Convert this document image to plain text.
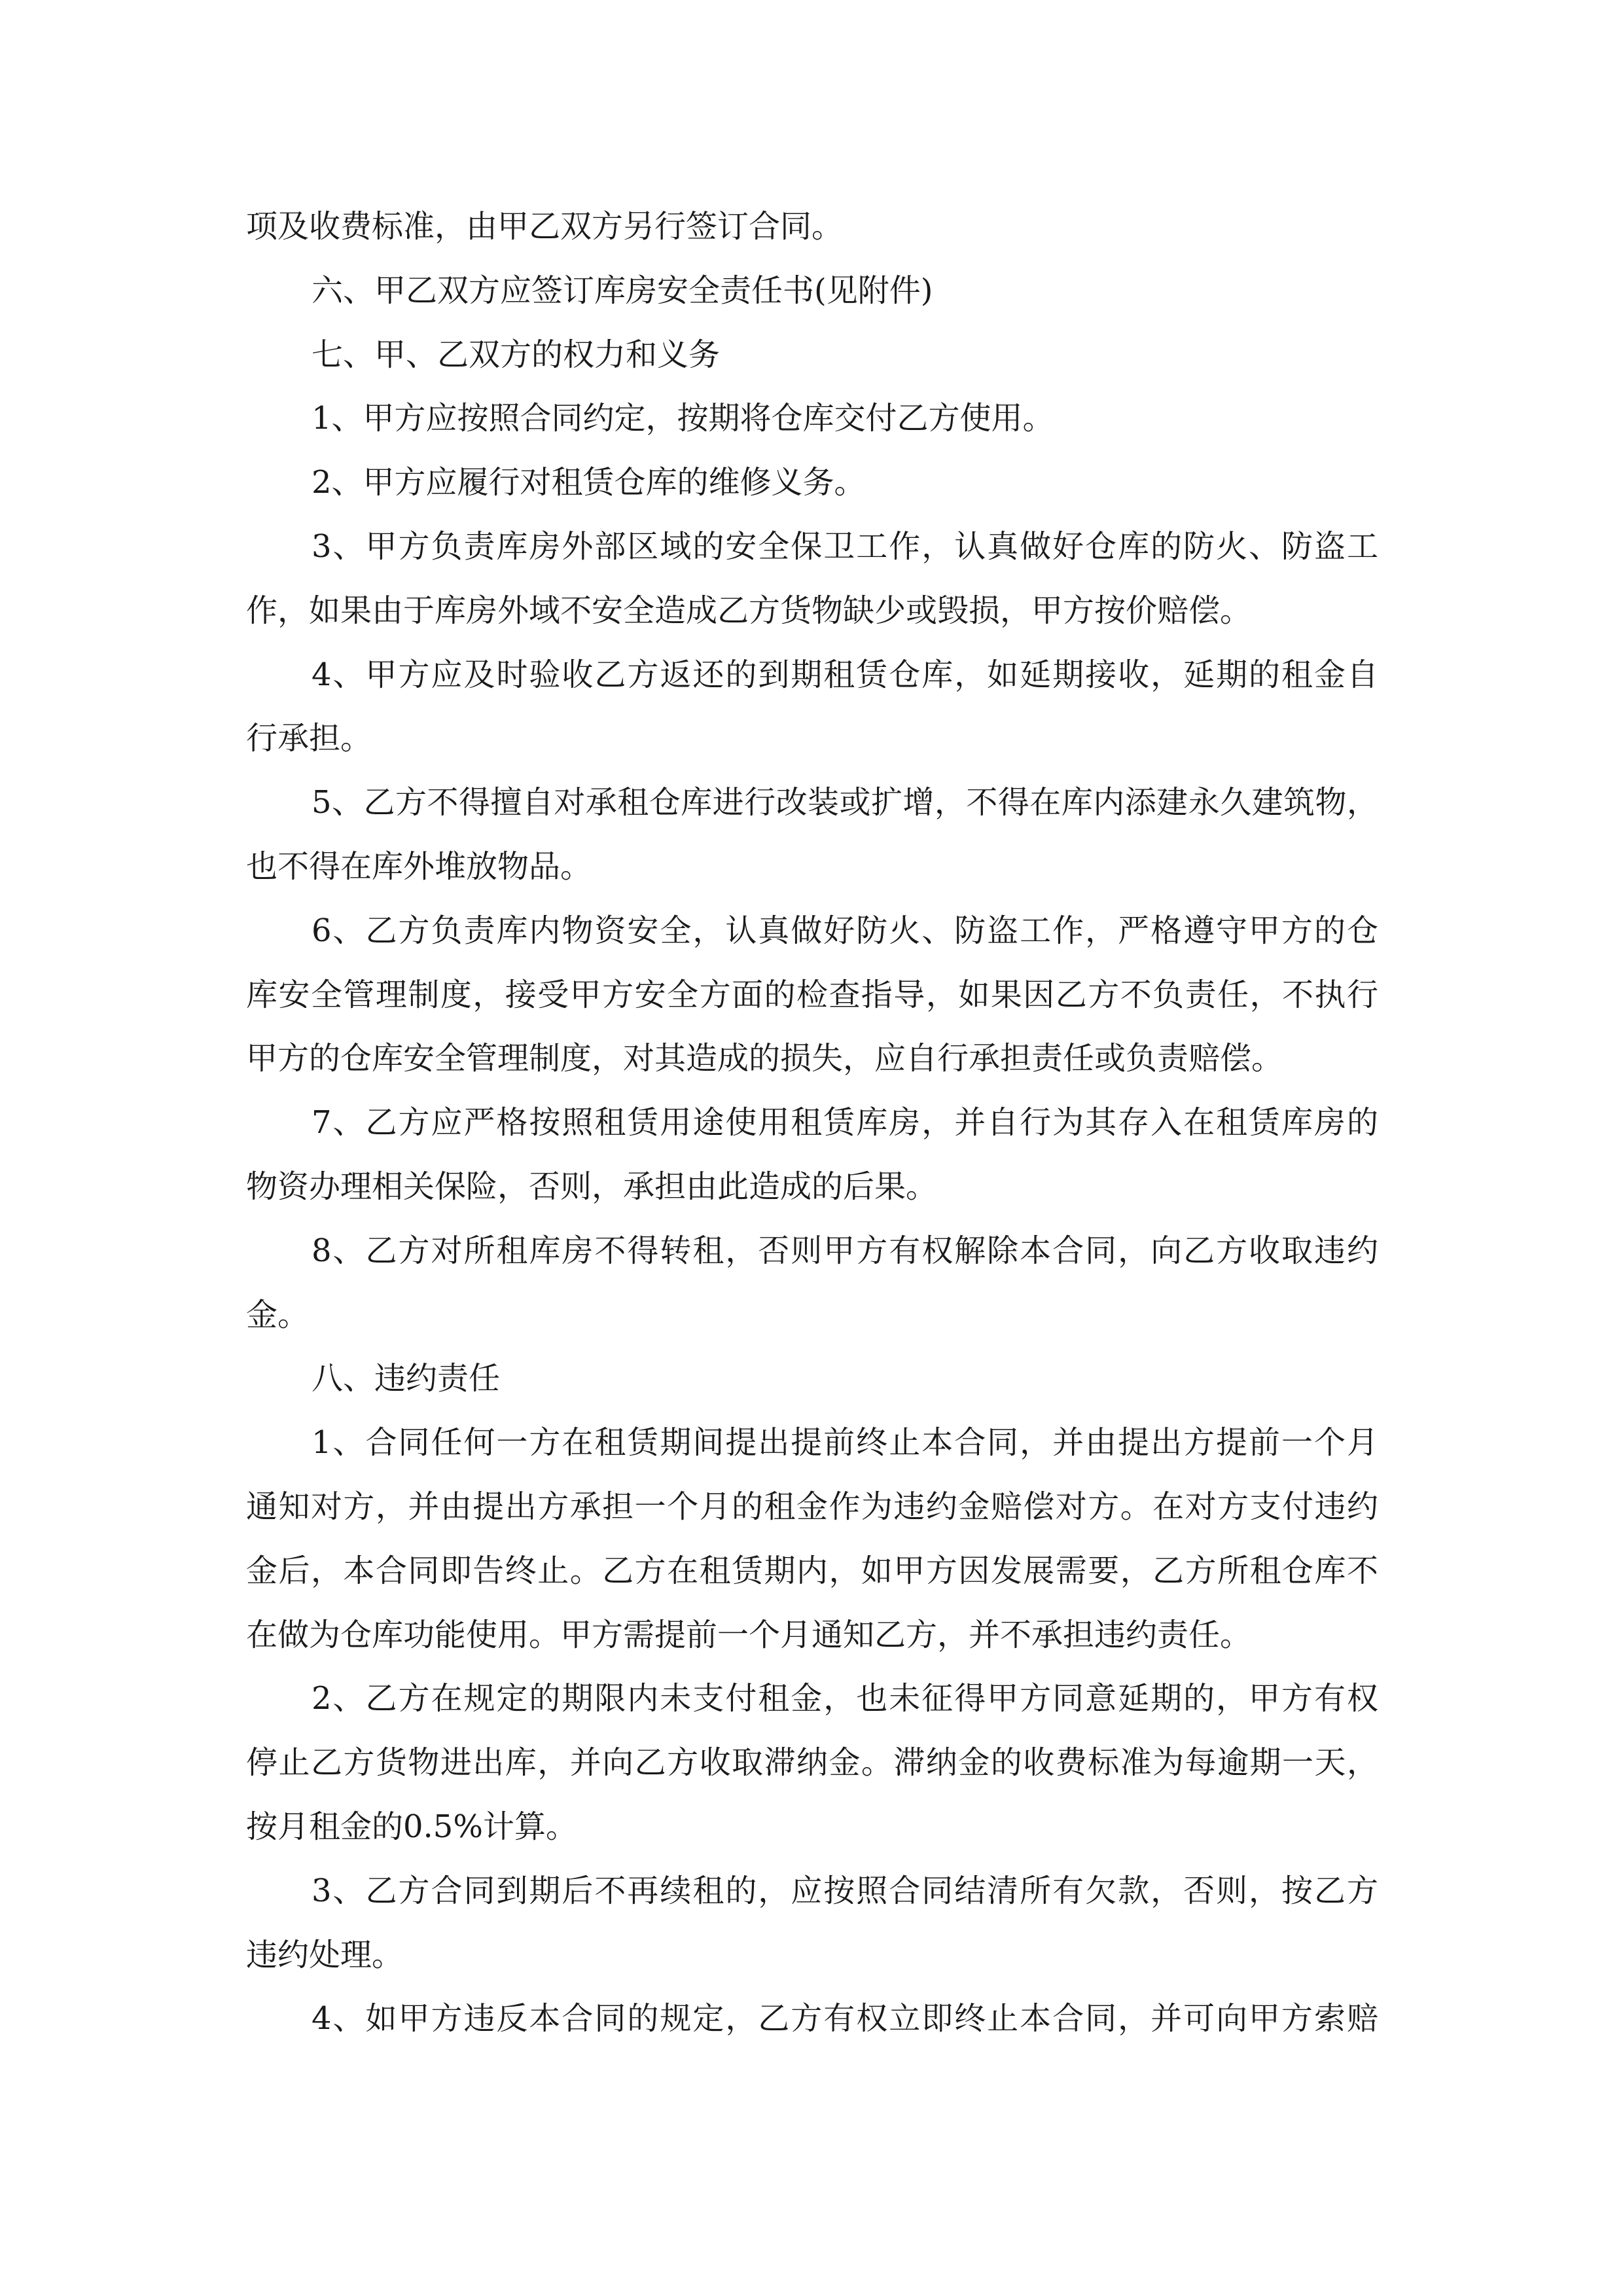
项及收费标准，由甲乙双方另行签订合同。
六、甲乙双方应签订库房安全责任书(见附件)
七、甲、乙双方的权力和义务
1、甲方应按照合同约定，按期将仓库交付乙方使用。
2、甲方应履行对租赁仓库的维修义务。
3、甲方负责库房外部区域的安全保卫工作，认真做好仓库的防火、防盗工
作，如果由于库房外域不安全造成乙方货物缺少或毁损，甲方按价赔偿。
4、甲方应及时验收乙方返还的到期租赁仓库，如延期接收，延期的租金自
行承担。
5、乙方不得擅自对承租仓库进行改装或扩增，不得在库内添建永久建筑物，
也不得在库外堆放物品。
6、乙方负责库内物资安全，认真做好防火、防盗工作，严格遵守甲方的仓
库安全管理制度，接受甲方安全方面的检查指导，如果因乙方不负责任，不执行
甲方的仓库安全管理制度，对其造成的损失，应自行承担责任或负责赔偿。
7、乙方应严格按照租赁用途使用租赁库房，并自行为其存入在租赁库房的
物资办理相关保险，否则，承担由此造成的后果。
8、乙方对所租库房不得转租，否则甲方有权解除本合同，向乙方收取违约
金。
八、违约责任
1、合同任何一方在租赁期间提出提前终止本合同，并由提出方提前一个月
通知对方，并由提出方承担一个月的租金作为违约金赔偿对方。在对方支付违约
金后，本合同即告终止。乙方在租赁期内，如甲方因发展需要，乙方所租仓库不
在做为仓库功能使用。甲方需提前一个月通知乙方，并不承担违约责任。
2、乙方在规定的期限内未支付租金，也未征得甲方同意延期的，甲方有权
停止乙方货物进出库，并向乙方收取滞纳金。滞纳金的收费标准为每逾期一天，
按月租金的0.5%计算。
3、乙方合同到期后不再续租的，应按照合同结清所有欠款，否则，按乙方
违约处理。
4、如甲方违反本合同的规定，乙方有权立即终止本合同，并可向甲方索赔
